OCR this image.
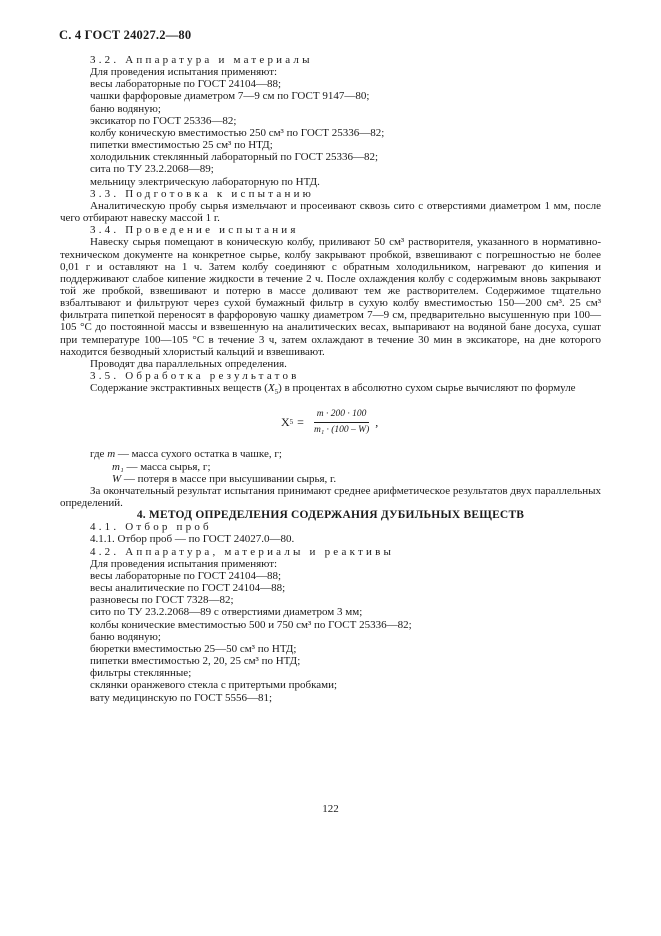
С. 4 ГОСТ 24027.2—80

3.2. Аппаратура и материалы

Для проведения испытания применяют:

весы лабораторные по ГОСТ 24104—88;

чашки фарфоровые диаметром 7—9 см по ГОСТ 9147—80;

баню водяную;

эксикатор по ГОСТ 25336—82;

колбу коническую вместимостью 250 см³ по ГОСТ 25336—82;

пипетки вместимостью 25 см³ по НТД;

холодильник стеклянный лабораторный по ГОСТ 25336—82;

сита по ТУ 23.2.2068—89;

мельницу электрическую лабораторную по НТД.

3.3. Подготовка к испытанию

Аналитическую пробу сырья измельчают и просеивают сквозь сито с отверстиями диаметром 1 мм, после чего отбирают навеску массой 1 г.

3.4. Проведение испытания

Навеску сырья помещают в коническую колбу, приливают 50 см³ растворителя, указанного в нормативно-техническом документе на конкретное сырье, колбу закрывают пробкой, взвешивают с погрешностью не более 0,01 г и оставляют на 1 ч. Затем колбу соединяют с обратным холодильником, нагревают до кипения и поддерживают слабое кипение жидкости в течение 2 ч. После охлаждения колбу с содержимым вновь закрывают той же пробкой, взвешивают и потерю в массе доливают тем же растворителем. Содержимое тщательно взбалтывают и фильтруют через сухой бумажный фильтр в сухую колбу вместимостью 150—200 см³. 25 см³ фильтрата пипеткой переносят в фарфоровую чашку диаметром 7—9 см, предварительно высушенную при 100—105 °С до постоянной массы и взвешенную на аналитических весах, выпаривают на водяной бане досуха, сушат при температуре 100—105 °С в течение 3 ч, затем охлаждают в течение 30 мин в эксикаторе, на дне которого находится безводный хлористый кальций и взвешивают.

Проводят два параллельных определения.

3.5. Обработка результатов

Содержание экстрактивных веществ $(X_5)$ в процентах в абсолютно сухом сырье вычисляют по формуле

X $5 = \frac{m \cdot 200 \cdot 100}{\text{m₁ · (100 – W)}}$ ,

где m — масса сухого остатка в чашке, г;

m₁ — масса сырья, г;

W — потеря в массе при высушивании сырья, г.

За окончательный результат испытания принимают среднее арифметическое результатов двух параллельных определений.

4. МЕТОД ОПРЕДЕЛЕНИЯ СОДЕРЖАНИЯ ДУБИЛЬНЫХ ВЕЩЕСТВ

4.1. Отбор проб

4.1.1. Отбор проб — по ГОСТ 24027.0—80.

4.2. Аппаратура, материалы и реактивы

Для проведения испытания применяют:

весы лабораторные по ГОСТ 24104—88;

весы аналитические по ГОСТ 24104—88;

разновесы по ГОСТ 7328—82;

сито по ТУ 23.2.2068—89 с отверстиями диаметром 3 мм;

колбы конические вместимостью 500 и 750 см³ по ГОСТ 25336—82;

баню водяную;

бюретки вместимостью 25—50 см³ по НТД;

пипетки вместимостью 2, 20, 25 см³ по НТД;

фильтры стеклянные;

склянки оранжевого стекла с притертыми пробками;

вату медицинскую по ГОСТ 5556—81;

122
